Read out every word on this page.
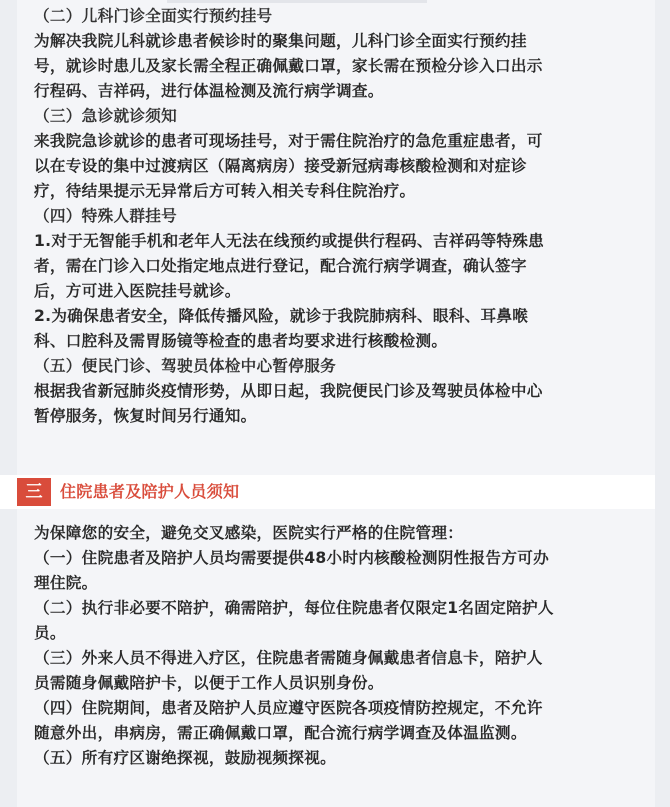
（二）儿科门诊全面实行预约挂号

为解决我院儿科就诊患者候诊时的聚集问题，儿科门诊全面实行预约挂

号，就诊时患儿及家长需全程正确佩戴口罩，家长需在预检分诊入口出示

行程码、吉祥码，进行体温检测及流行病学调查。

（三）急诊就诊须知

来我院急诊就诊的患者可现场挂号，对于需住院治疗的急危重症患者，可

以在专设的集中过渡病区（隔离病房）接受新冠病毒核酸检测和对症诊

疗，待结果提示无异常后方可转入相关专科住院治疗。

（四）特殊人群挂号

1.对于无智能手机和老年人无法在线预约或提供行程码、吉祥码等特殊患

者，需在门诊入口处指定地点进行登记，配合流行病学调查，确认签字

后，方可进入医院挂号就诊。

2.为确保患者安全，降低传播风险，就诊于我院肺病科、眼科、耳鼻喉

科、口腔科及需胃肠镜等检查的患者均要求进行核酸检测。

（五）便民门诊、驾驶员体检中心暂停服务

根据我省新冠肺炎疫情形势，从即日起，我院便民门诊及驾驶员体检中心

暂停服务，恢复时间另行通知。

三	住院患者及陪护人员须知

为保障您的安全，避免交叉感染，医院实行严格的住院管理：

（一）住院患者及陪护人员均需要提供48小时内核酸检测阴性报告方可办

理住院。

（二）执行非必要不陪护，确需陪护，每位住院患者仅限定1名固定陪护人

员。

（三）外来人员不得进入疗区，住院患者需随身佩戴患者信息卡，陪护人

员需随身佩戴陪护卡，以便于工作人员识别身份。

（四）住院期间，患者及陪护人员应遵守医院各项疫情防控规定，不允许

随意外出，串病房，需正确佩戴口罩，配合流行病学调查及体温监测。

（五）所有疗区谢绝探视，鼓励视频探视。
